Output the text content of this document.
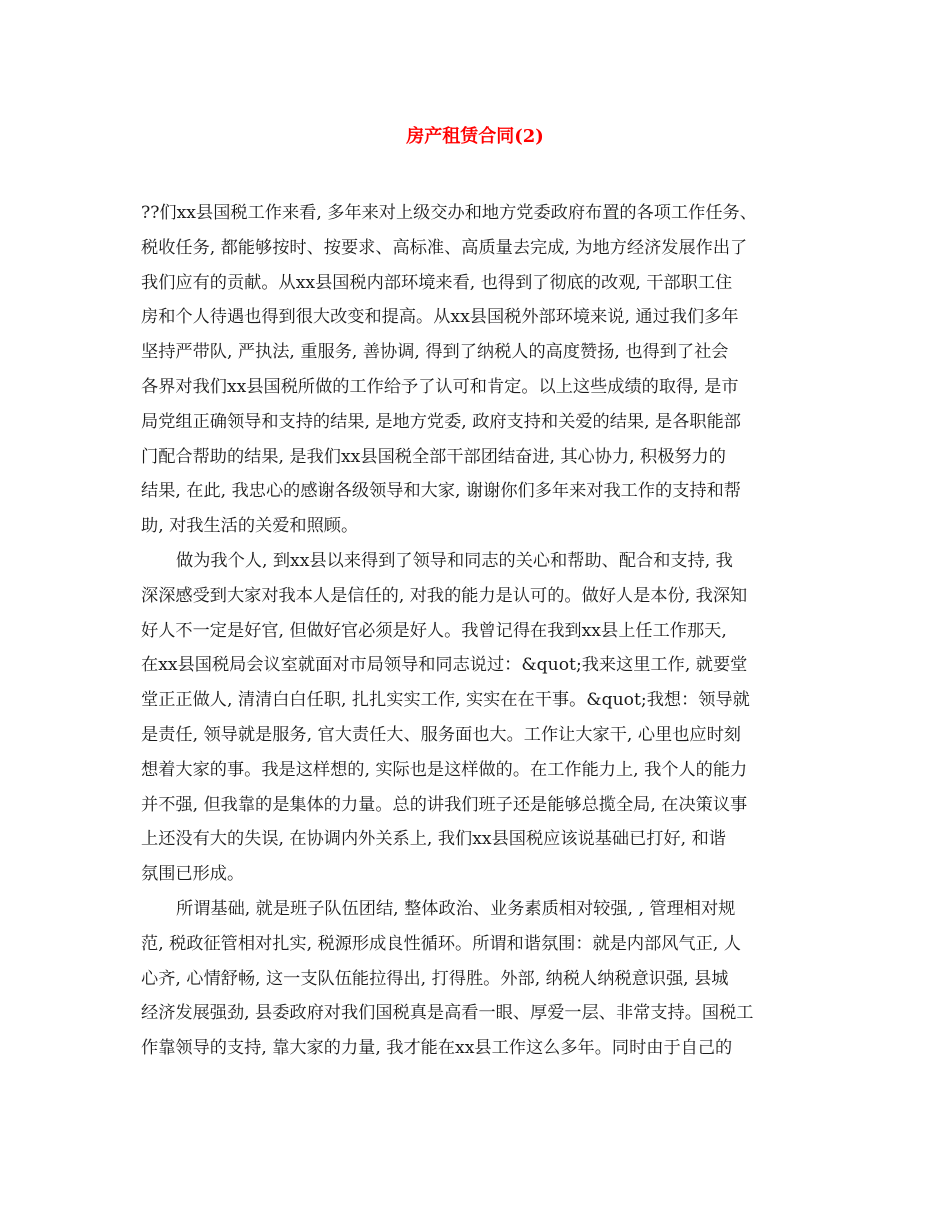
房产租赁合同(2)
??们xx县国税工作来看, 多年来对上级交办和地方党委政府布置的各项工作任务、
税收任务, 都能够按时、按要求、高标准、高质量去完成, 为地方经济发展作出了
我们应有的贡献。从xx县国税内部环境来看, 也得到了彻底的改观, 干部职工住
房和个人待遇也得到很大改变和提高。从xx县国税外部环境来说, 通过我们多年
坚持严带队, 严执法, 重服务, 善协调, 得到了纳税人的高度赞扬, 也得到了社会
各界对我们xx县国税所做的工作给予了认可和肯定。以上这些成绩的取得, 是市
局党组正确领导和支持的结果, 是地方党委, 政府支持和关爱的结果, 是各职能部
门配合帮助的结果, 是我们xx县国税全部干部团结奋进, 其心协力, 积极努力的
结果, 在此, 我忠心的感谢各级领导和大家, 谢谢你们多年来对我工作的支持和帮
助, 对我生活的关爱和照顾。
做为我个人, 到xx县以来得到了领导和同志的关心和帮助、配合和支持, 我
深深感受到大家对我本人是信任的, 对我的能力是认可的。做好人是本份, 我深知
好人不一定是好官, 但做好官必须是好人。我曾记得在我到xx县上任工作那天,
在xx县国税局会议室就面对市局领导和同志说过：&quot;我来这里工作, 就要堂
堂正正做人, 清清白白任职, 扎扎实实工作, 实实在在干事。&quot;我想：领导就
是责任, 领导就是服务, 官大责任大、服务面也大。工作让大家干, 心里也应时刻
想着大家的事。我是这样想的, 实际也是这样做的。在工作能力上, 我个人的能力
并不强, 但我靠的是集体的力量。总的讲我们班子还是能够总揽全局, 在决策议事
上还没有大的失误, 在协调内外关系上, 我们xx县国税应该说基础已打好, 和谐
氛围已形成。
所谓基础, 就是班子队伍团结, 整体政治、业务素质相对较强, , 管理相对规
范, 税政征管相对扎实, 税源形成良性循环。所谓和谐氛围：就是内部风气正, 人
心齐, 心情舒畅, 这一支队伍能拉得出, 打得胜。外部, 纳税人纳税意识强, 县城
经济发展强劲, 县委政府对我们国税真是高看一眼、厚爱一层、非常支持。国税工
作靠领导的支持, 靠大家的力量, 我才能在xx县工作这么多年。同时由于自己的
